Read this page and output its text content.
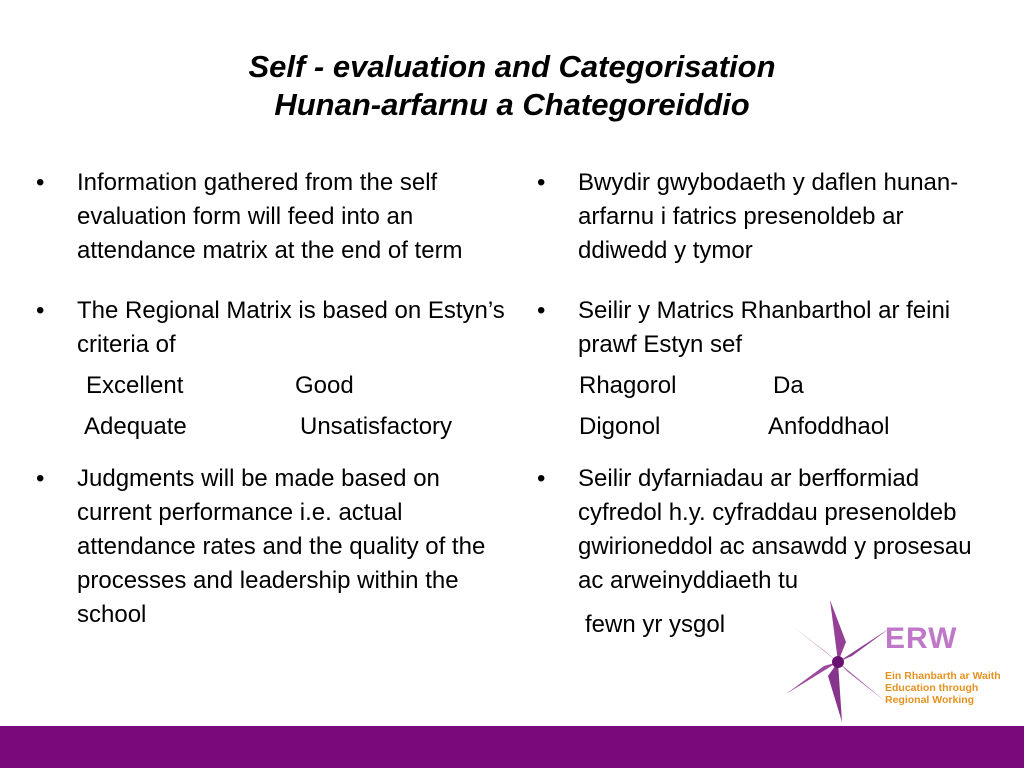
Self - evaluation and Categorisation
Hunan-arfarnu a Chategoreiddio
• Information gathered from the self evaluation form will feed into an attendance matrix at the end of term
• The Regional Matrix is based on Estyn’s criteria of
Excellent	Good
Adequate	Unsatisfactory
• Judgments will be made based on current performance i.e. actual attendance rates and the quality of the processes and leadership within the school
• Bwydir gwybodaeth y daflen hunan-arfarnu i fatrics presenoldeb ar ddiwedd y tymor
• Seilir y Matrics Rhanbarthol ar feini prawf Estyn sef
Rhagorol	Da
Digonol	Anfoddhaol
• Seilir dyfarniadau ar berfformiad cyfredol h.y. cyfraddau presenoldeb gwirioneddol ac ansawdd y prosesau ac arweinyddiaeth tu
fewn yr ysgol	ERW
Ein Rhanbarth ar Waith
Education through
Regional Working
